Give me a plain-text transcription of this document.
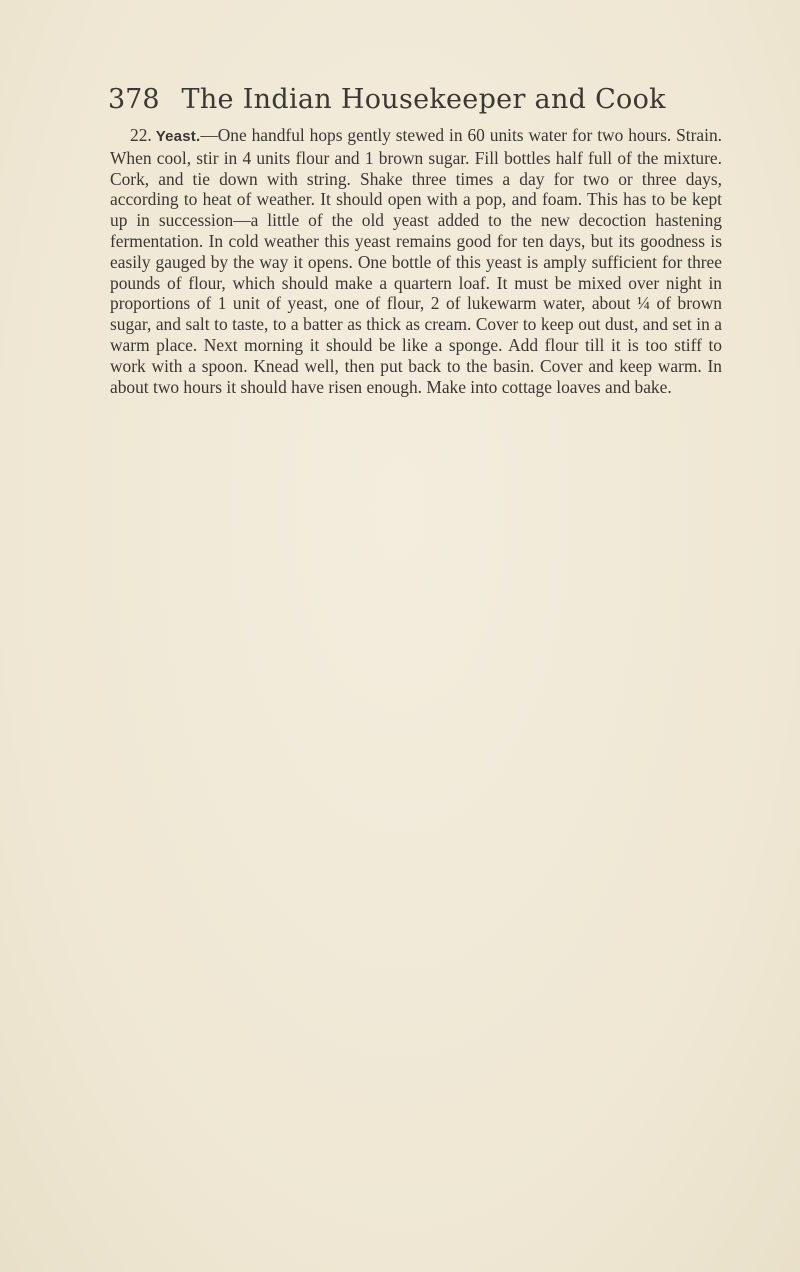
378 The Indian Housekeeper and Cook

22. Yeast.—One handful hops gently stewed in 60 units water for two hours. Strain. When cool, stir in 4 units flour and 1 brown sugar. Fill bottles half full of the mixture. Cork, and tie down with string. Shake three times a day for two or three days, according to heat of weather. It should open with a pop, and foam. This has to be kept up in succession—a little of the old yeast added to the new decoction hastening fermentation. In cold weather this yeast remains good for ten days, but its goodness is easily gauged by the way it opens. One bottle of this yeast is amply sufficient for three pounds of flour, which should make a quartern loaf. It must be mixed over night in proportions of 1 unit of yeast, one of flour, 2 of lukewarm water, about ¼ of brown sugar, and salt to taste, to a batter as thick as cream. Cover to keep out dust, and set in a warm place. Next morning it should be like a sponge. Add flour till it is too stiff to work with a spoon. Knead well, then put back to the basin. Cover and keep warm. In about two hours it should have risen enough. Make into cottage loaves and bake.
